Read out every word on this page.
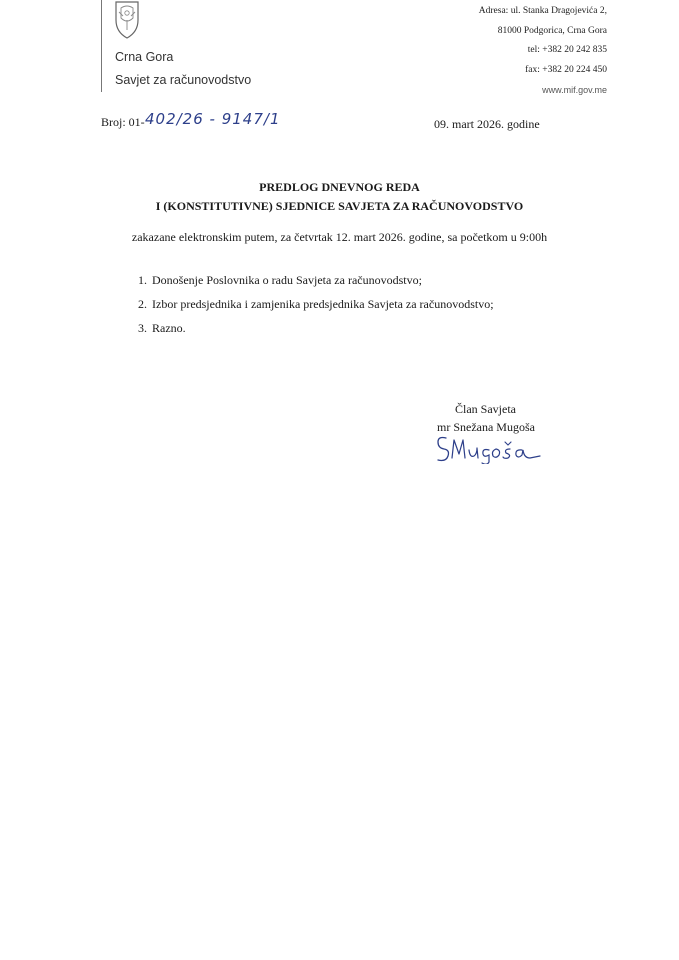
Crna Gora
Savjet za računovodstvo
Adresa: ul. Stanka Dragojevića 2,
81000 Podgorica, Crna Gora
tel: +382 20 242 835
fax: +382 20 224 450
www.mif.gov.me
Broj: 01- 402/26 - 9147/1	09. mart 2026. godine
PREDLOG DNEVNOG REDA
I (KONSTITUTIVNE) SJEDNICE SAVJETA ZA RAČUNOVODSTVO
zakazane elektronskim putem, za četvrtak 12. mart 2026. godine, sa početkom u 9:00h
1. Donošenje Poslovnika o radu Savjeta za računovodstvo;
2. Izbor predsjednika i zamjenika predsjednika Savjeta za računovodstvo;
3. Razno.
Član Savjeta
mr Snežana Mugoša
